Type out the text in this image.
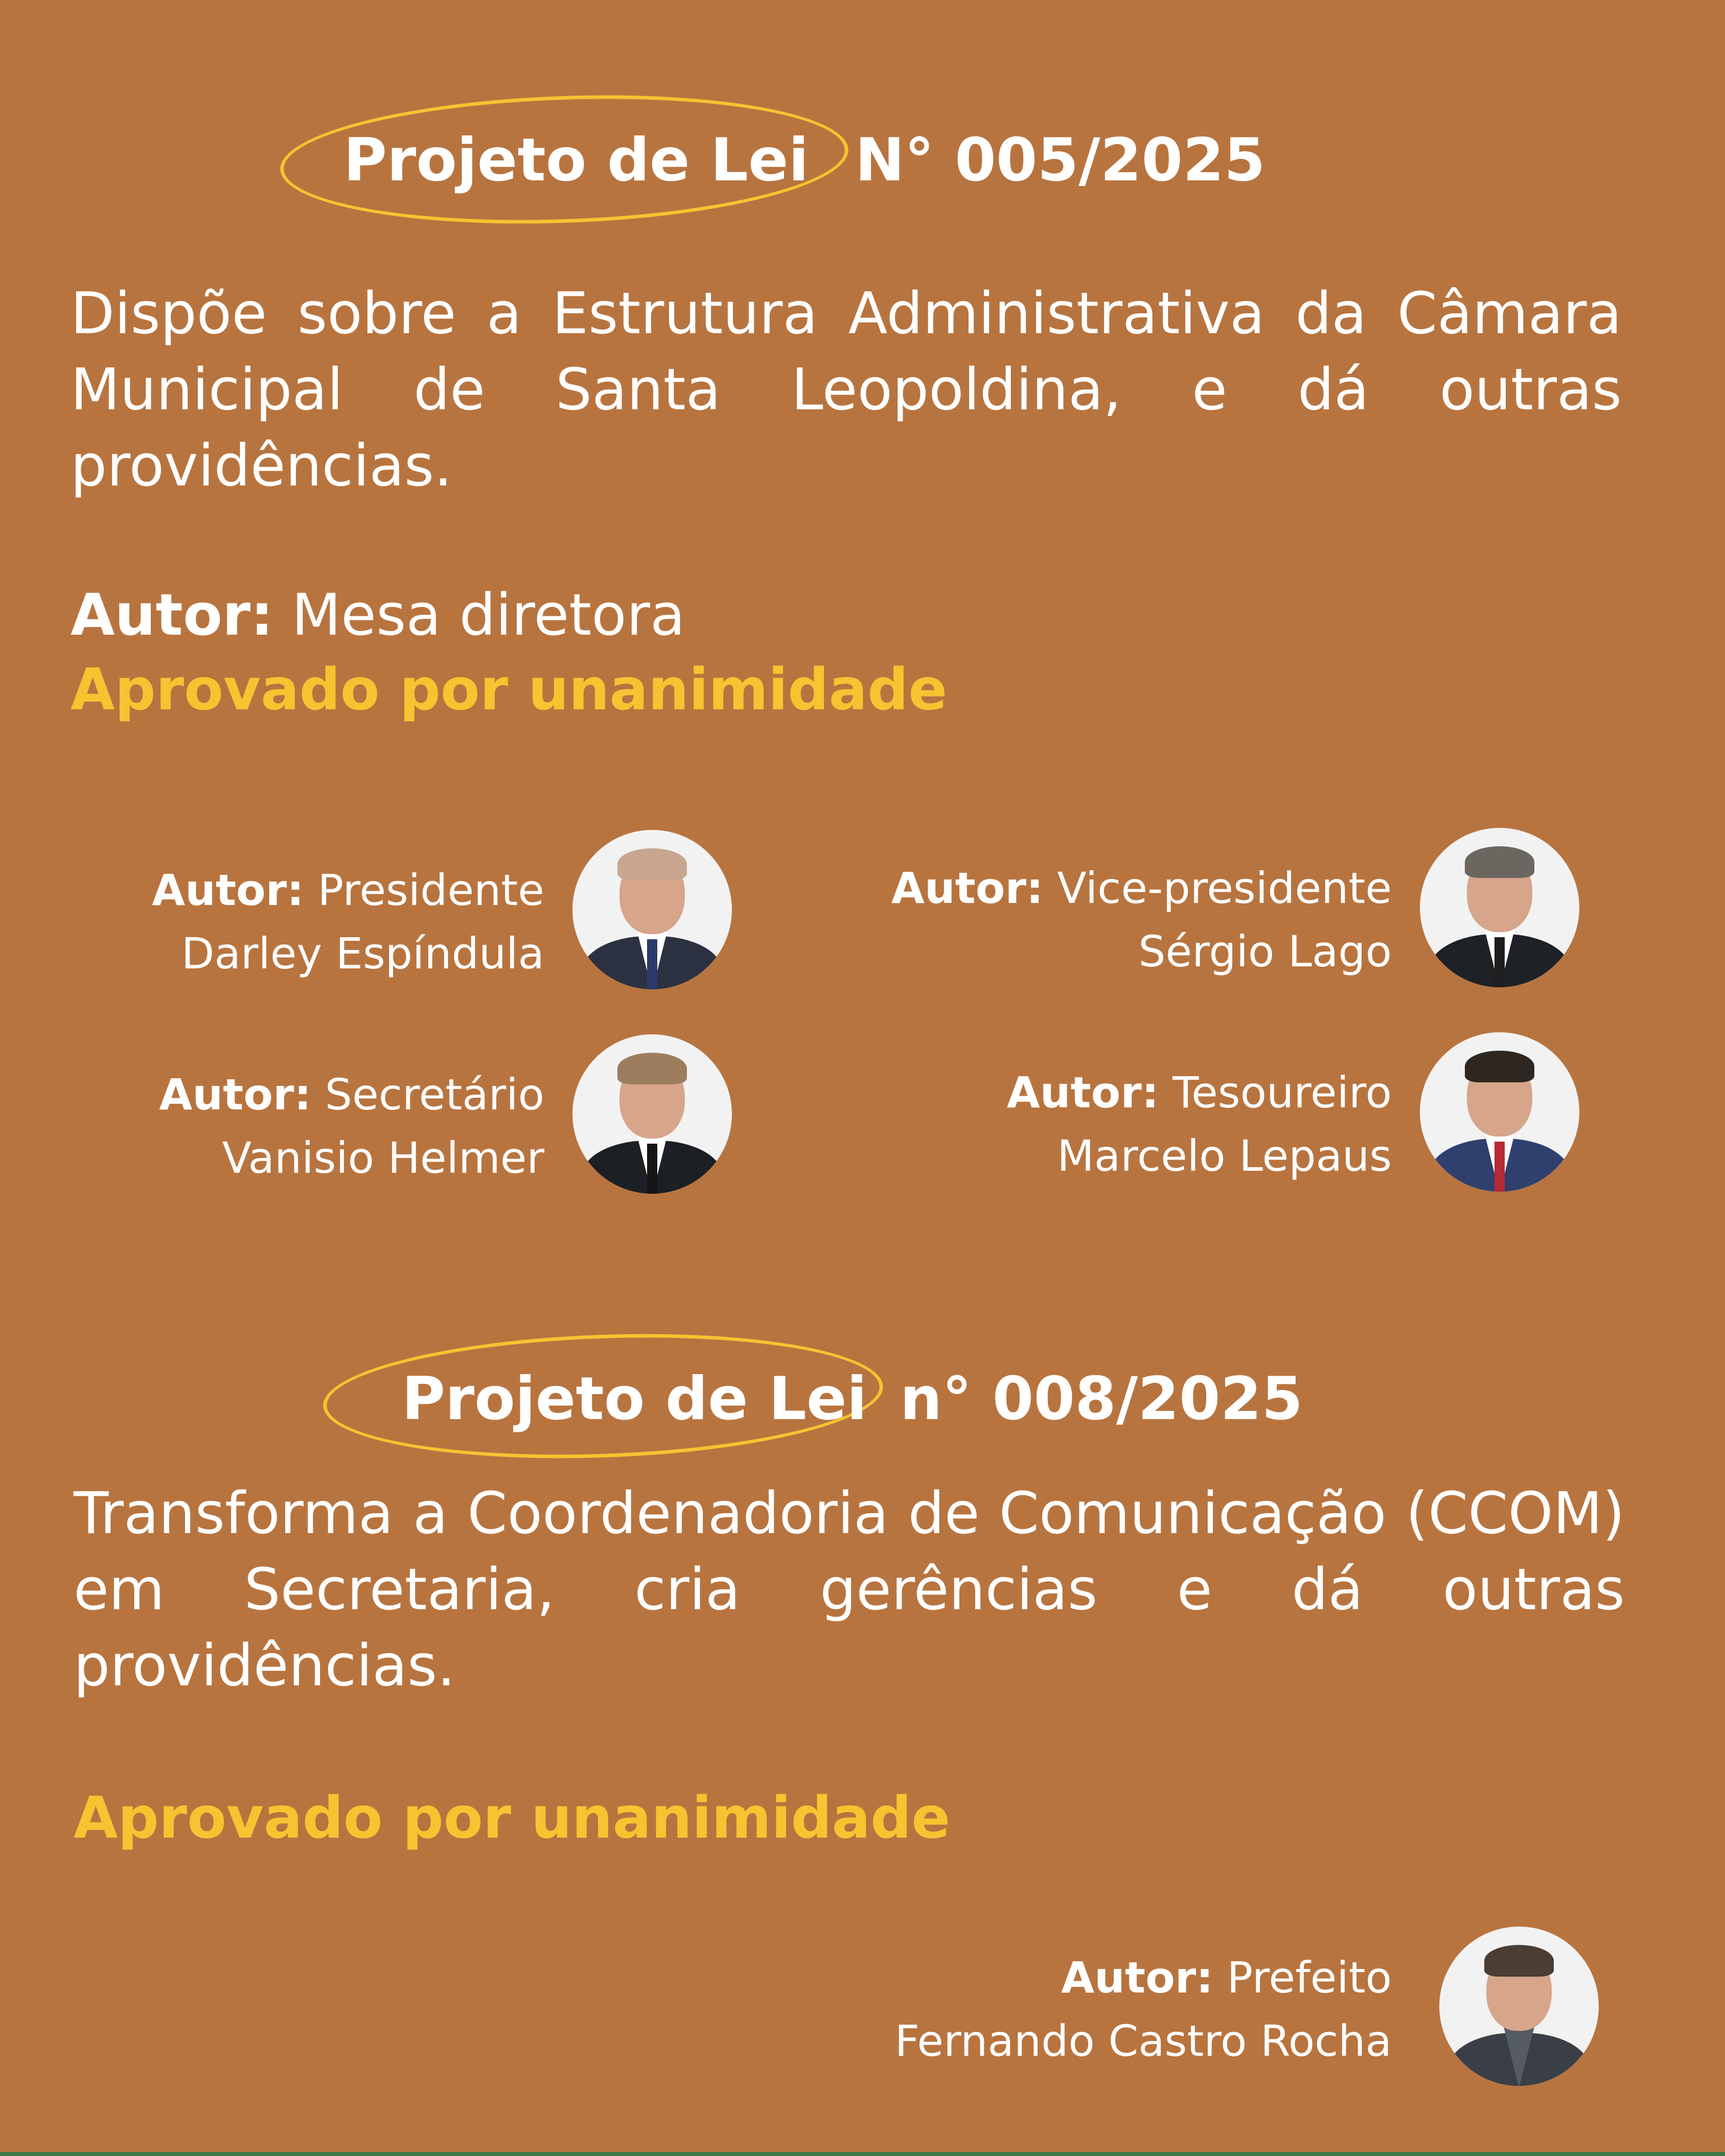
Projeto de Lei N° 005/2025
Dispõe sobre a Estrutura Administrativa da Câmara Municipal de Santa Leopoldina, e dá outras providências.
Autor: Mesa diretora
Aprovado por unanimidade
Autor: Presidente
Darley Espíndula
Autor: Vice-presidente
Sérgio Lago
Autor: Secretário
Vanisio Helmer
Autor: Tesoureiro
Marcelo Lepaus
Projeto de Lei n° 008/2025
Transforma a Coordenadoria de Comunicação (CCOM) em Secretaria, cria gerências e dá outras providências.
Aprovado por unanimidade
Autor: Prefeito
Fernando Castro Rocha
